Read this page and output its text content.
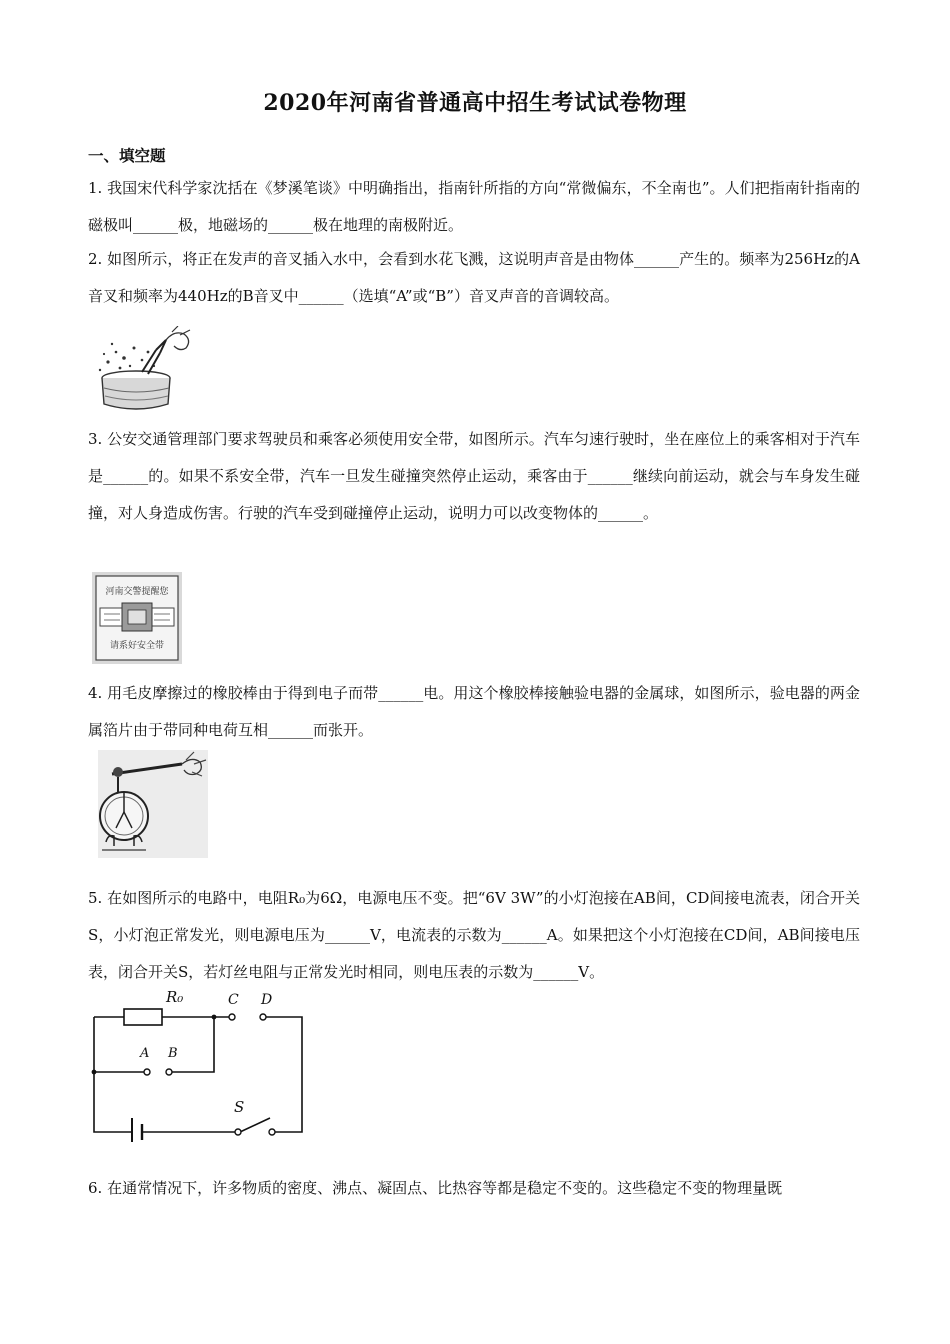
2020年河南省普通高中招生考试试卷物理
一、填空题
1. 我国宋代科学家沈括在《梦溪笔谈》中明确指出，指南针所指的方向“常微偏东，不全南也”。人们把指南针指南的磁极叫______极，地磁场的______极在地理的南极附近。
2. 如图所示，将正在发声的音叉插入水中，会看到水花飞溅，这说明声音是由物体______产生的。频率为256Hz的A音叉和频率为440Hz的B音叉中______（选填“A”或“B”）音叉声音的音调较高。
3. 公安交通管理部门要求驾驶员和乘客必须使用安全带，如图所示。汽车匀速行驶时，坐在座位上的乘客相对于汽车是______的。如果不系安全带，汽车一旦发生碰撞突然停止运动，乘客由于______继续向前运动，就会与车身发生碰撞，对人身造成伤害。行驶的汽车受到碰撞停止运动，说明力可以改变物体的______。
河南交警提醒您
请系好安全带
4. 用毛皮摩擦过的橡胶棒由于得到电子而带______电。用这个橡胶棒接触验电器的金属球，如图所示，验电器的两金属箔片由于带同种电荷互相______而张开。
5. 在如图所示的电路中，电阻R₀为6Ω，电源电压不变。把“6V 3W”的小灯泡接在AB间，CD间接电流表，闭合开关S，小灯泡正常发光，则电源电压为______V，电流表的示数为______A。如果把这个小灯泡接在CD间，AB间接电压表，闭合开关S，若灯丝电阻与正常发光时相同，则电压表的示数为______V。
R₀	C D
A B
S
6. 在通常情况下，许多物质的密度、沸点、凝固点、比热容等都是稳定不变的。这些稳定不变的物理量既
